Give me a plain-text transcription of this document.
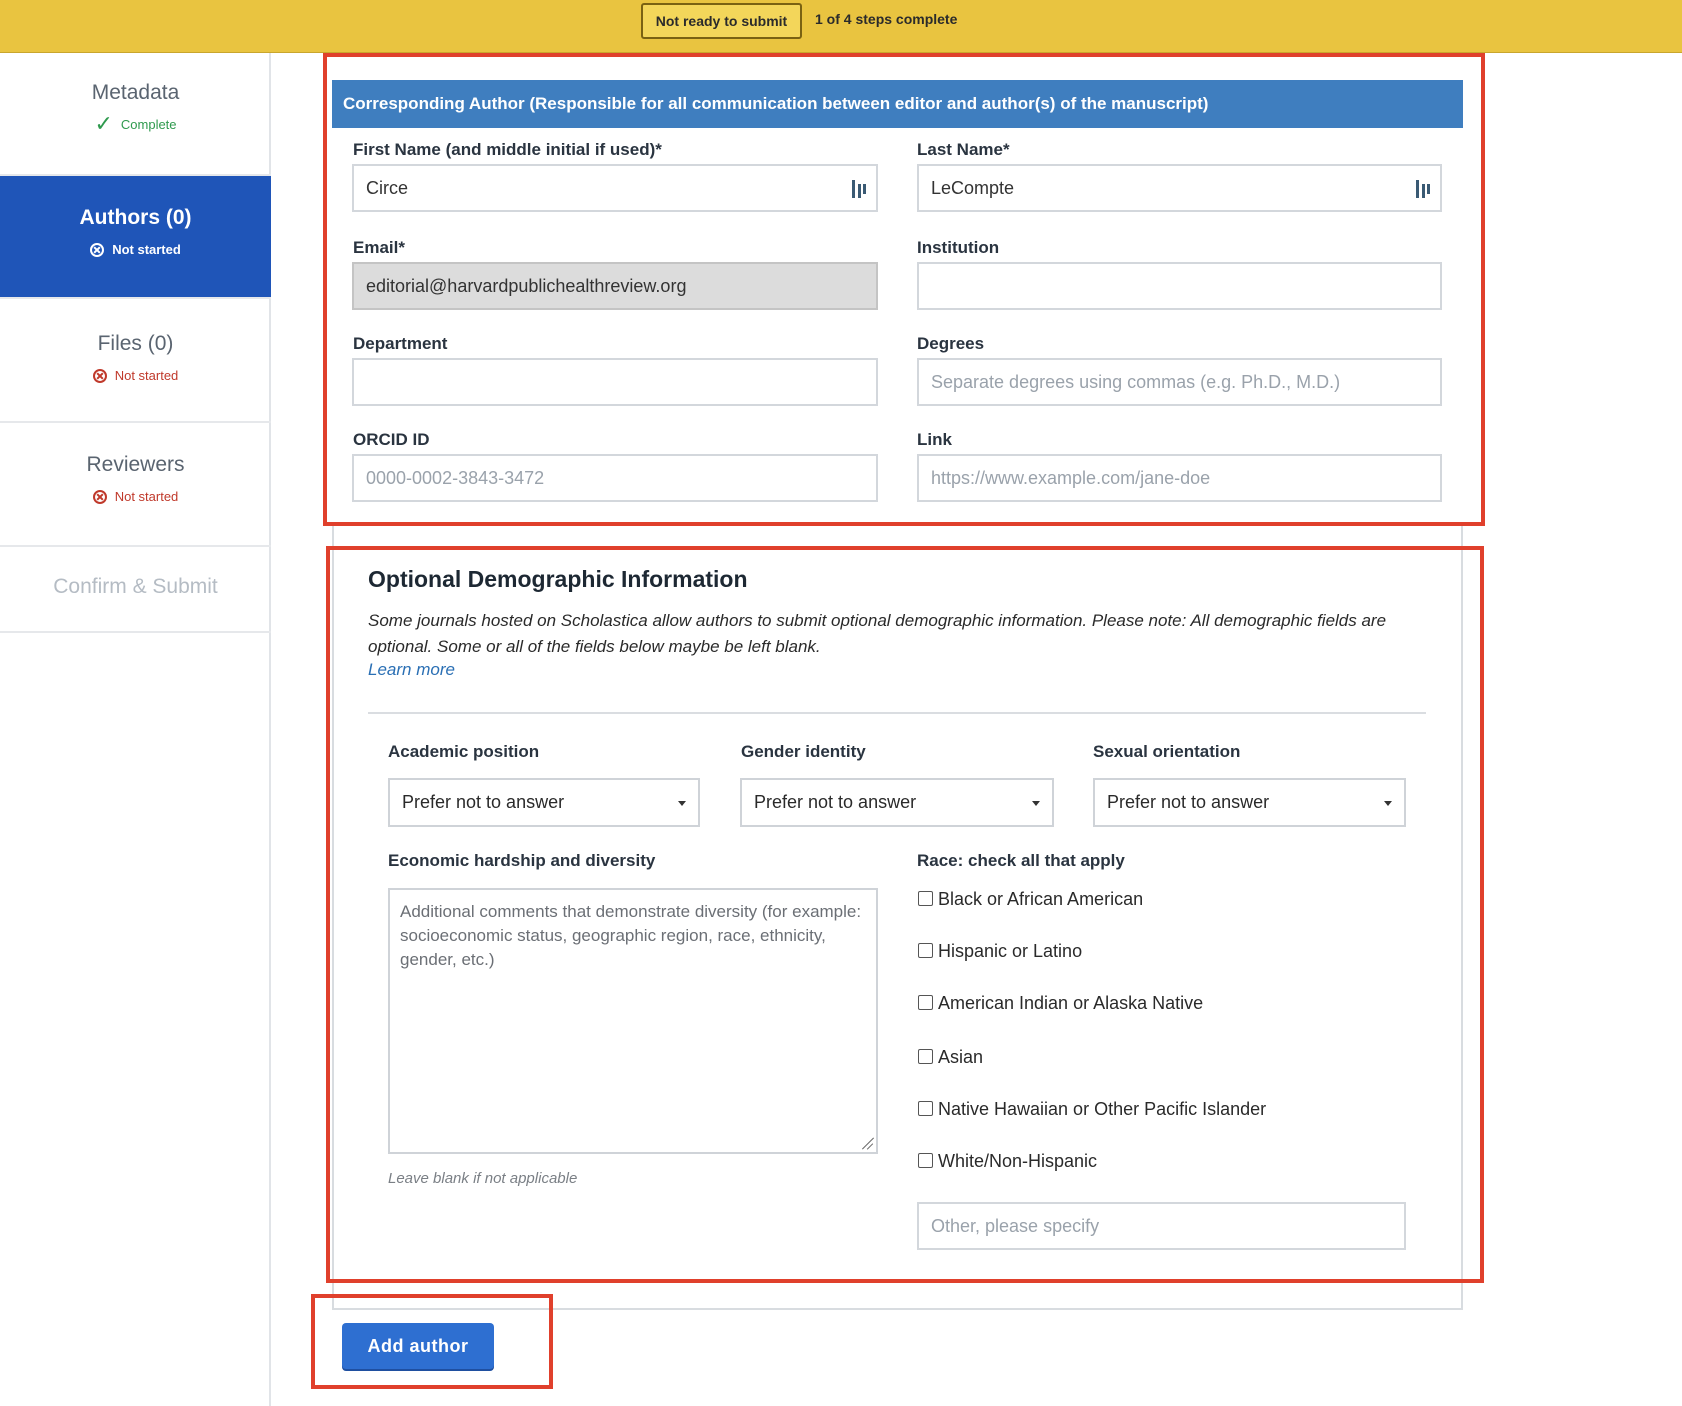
Not ready to submit	1 of 4 steps complete
Metadata
✓ Complete
Authors (0)
Not started
Files (0)
Not started
Reviewers
Not started
Confirm & Submit
Corresponding Author (Responsible for all communication between editor and author(s) of the manuscript)
First Name (and middle initial if used)*
Circe
Last Name*
LeCompte
Email*
editorial@harvardpublichealthreview.org
Institution
Department	Degrees
Separate degrees using commas (e.g. Ph.D., M.D.)
ORCID ID
0000-0002-3843-3472
Link
https://www.example.com/jane-doe
Optional Demographic Information
Some journals hosted on Scholastica allow authors to submit optional demographic information. Please note: All demographic fields are optional. Some or all of the fields below maybe be left blank.
Learn more
Academic position
Prefer not to answer
Gender identity
Prefer not to answer
Sexual orientation
Prefer not to answer
Economic hardship and diversity
Additional comments that demonstrate diversity (for example: socioeconomic status, geographic region, race, ethnicity, gender, etc.)
Leave blank if not applicable
Race: check all that apply
Black or African American
Hispanic or Latino
American Indian or Alaska Native
Asian
Native Hawaiian or Other Pacific Islander
White/Non-Hispanic
Other, please specify
Add author
